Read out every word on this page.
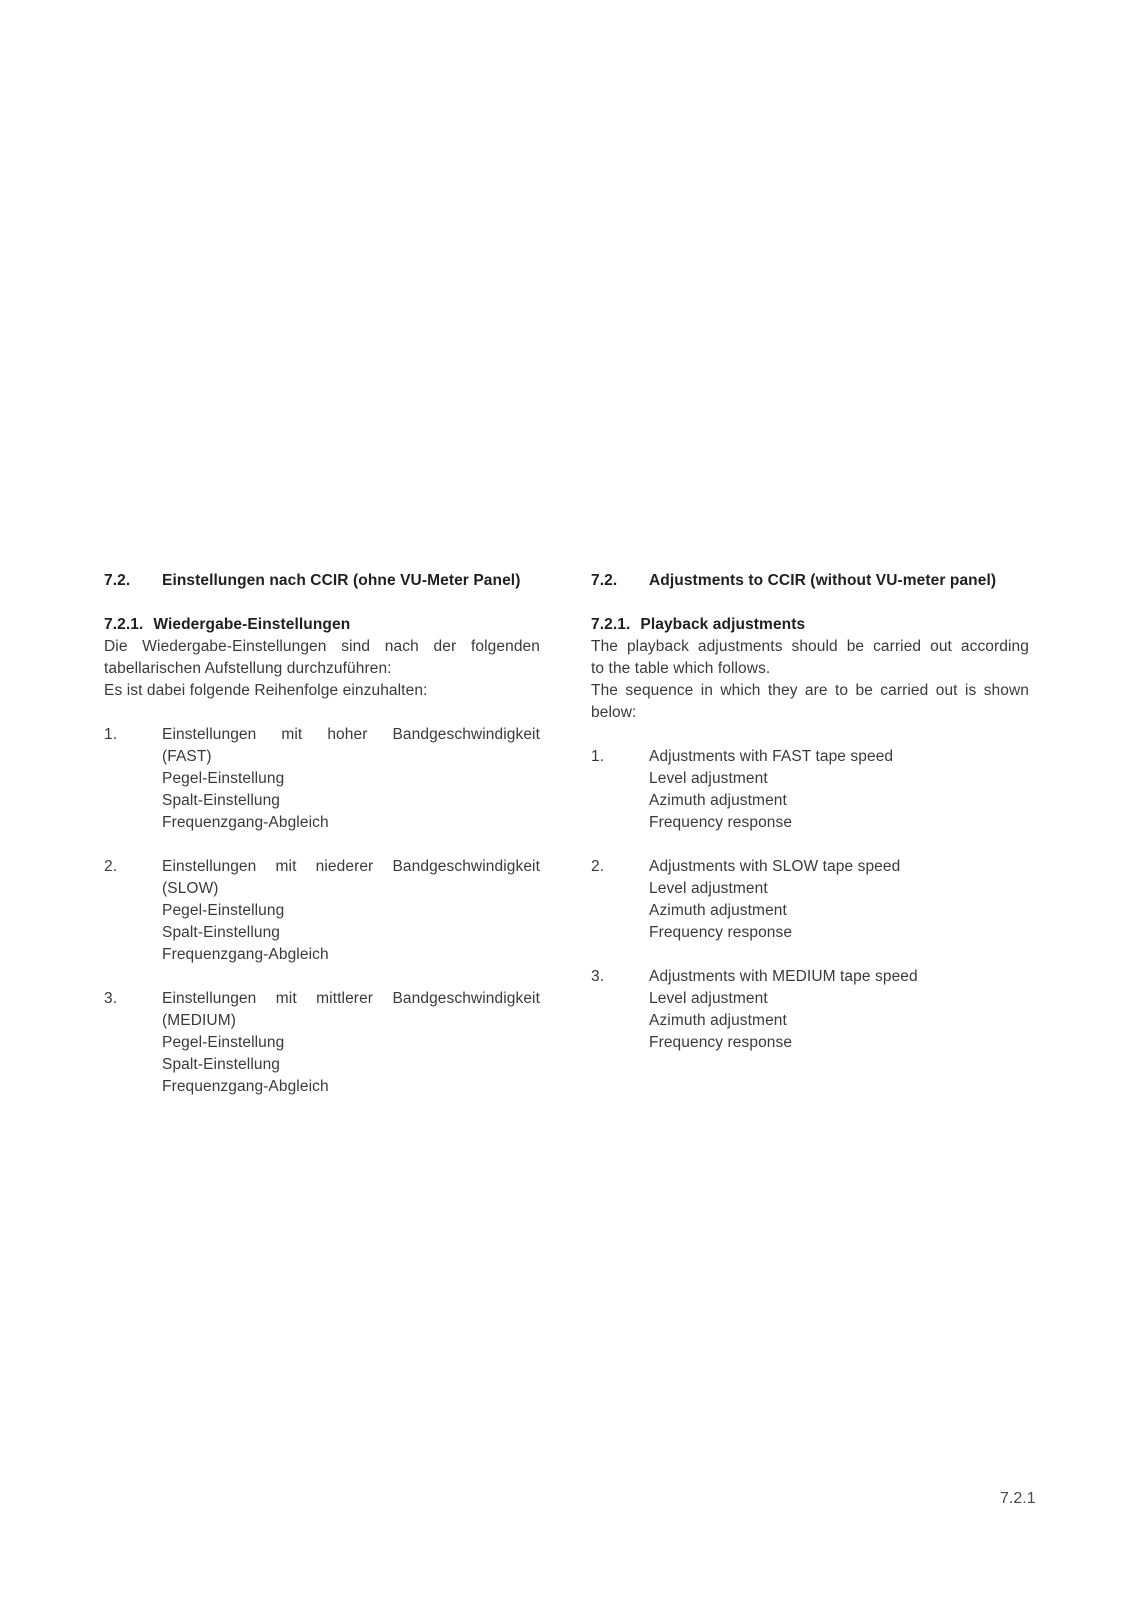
7.2.	Einstellungen nach CCIR (ohne VU-Meter Panel)
7.2.1. Wiedergabe-Einstellungen
Die Wiedergabe-Einstellungen sind nach der folgenden
tabellarischen Aufstellung durchzuführen:
Es ist dabei folgende Reihenfolge einzuhalten:
1.	Einstellungen mit hoher Bandgeschwindigkeit
(FAST)
Pegel-Einstellung
Spalt-Einstellung
Frequenzgang-Abgleich
2.	Einstellungen mit niederer Bandgeschwindigkeit
(SLOW)
Pegel-Einstellung
Spalt-Einstellung
Frequenzgang-Abgleich
3.	Einstellungen mit mittlerer Bandgeschwindigkeit
(MEDIUM)
Pegel-Einstellung
Spalt-Einstellung
Frequenzgang-Abgleich
7.2.	Adjustments to CCIR (without VU-meter panel)
7.2.1. Playback adjustments
The playback adjustments should be carried out according
to the table which follows.
The sequence in which they are to be carried out is shown
below:
1.	Adjustments with FAST tape speed
Level adjustment
Azimuth adjustment
Frequency response
2.	Adjustments with SLOW tape speed
Level adjustment
Azimuth adjustment
Frequency response
3.	Adjustments with MEDIUM tape speed
Level adjustment
Azimuth adjustment
Frequency response
7.2.1
